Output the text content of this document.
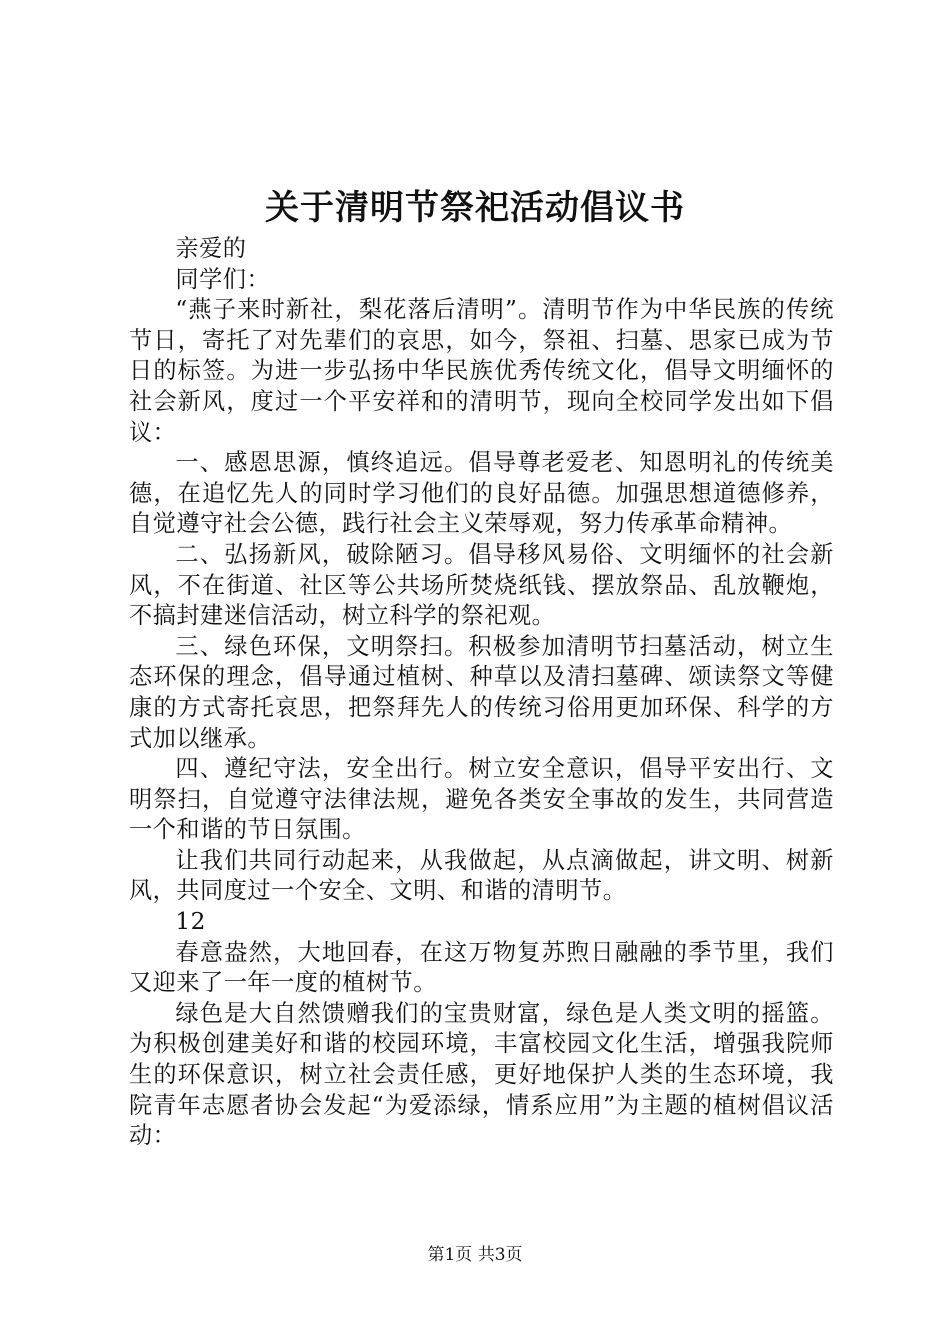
关于清明节祭祀活动倡议书

亲爱的

同学们：

“燕子来时新社，梨花落后清明”。清明节作为中华民族的传统节日，寄托了对先辈们的哀思，如今，祭祖、扫墓、思家已成为节日的标签。为进一步弘扬中华民族优秀传统文化，倡导文明缅怀的社会新风，度过一个平安祥和的清明节，现向全校同学发出如下倡议：

一、感恩思源，慎终追远。倡导尊老爱老、知恩明礼的传统美德，在追忆先人的同时学习他们的良好品德。加强思想道德修养，自觉遵守社会公德，践行社会主义荣辱观，努力传承革命精神。

二、弘扬新风，破除陋习。倡导移风易俗、文明缅怀的社会新风，不在街道、社区等公共场所焚烧纸钱、摆放祭品、乱放鞭炮，不搞封建迷信活动，树立科学的祭祀观。

三、绿色环保，文明祭扫。积极参加清明节扫墓活动，树立生态环保的理念，倡导通过植树、种草以及清扫墓碑、颂读祭文等健康的方式寄托哀思，把祭拜先人的传统习俗用更加环保、科学的方式加以继承。

四、遵纪守法，安全出行。树立安全意识，倡导平安出行、文明祭扫，自觉遵守法律法规，避免各类安全事故的发生，共同营造一个和谐的节日氛围。

让我们共同行动起来，从我做起，从点滴做起，讲文明、树新风，共同度过一个安全、文明、和谐的清明节。

12

春意盎然，大地回春，在这万物复苏煦日融融的季节里，我们又迎来了一年一度的植树节。

绿色是大自然馈赠我们的宝贵财富，绿色是人类文明的摇篮。为积极创建美好和谐的校园环境，丰富校园文化生活，增强我院师生的环保意识，树立社会责任感，更好地保护人类的生态环境，我院青年志愿者协会发起“为爱添绿，情系应用”为主题的植树倡议活动：

第1页 共3页
